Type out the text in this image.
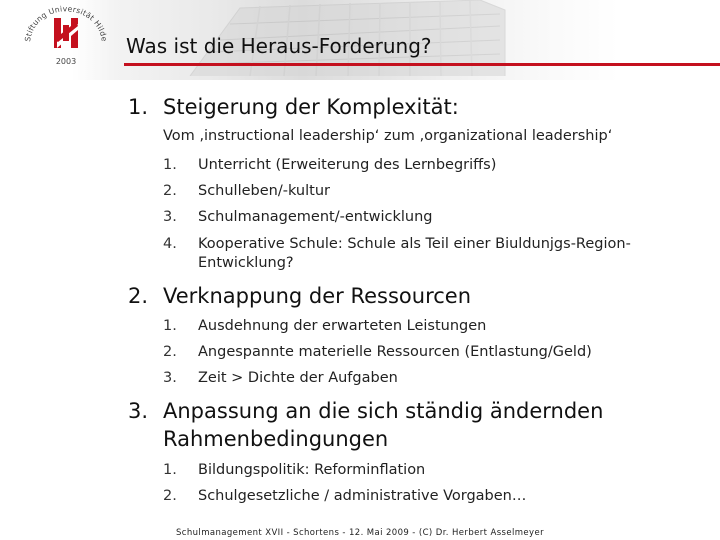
Stiftung Universität Hilde
2003
Was ist die Heraus-Forderung?
1. Steigerung der Komplexität:
Vom ‚instructional leadership‘ zum ‚organizational leadership‘
1.	Unterricht (Erweiterung des Lernbegriffs)
2.	Schulleben/-kultur
3.	Schulmanagement/-entwicklung
4.	Kooperative Schule: Schule als Teil einer Biuldunjgs-Region-
Entwicklung?
2. Verknappung der Ressourcen
1.	Ausdehnung der erwarteten Leistungen
2.	Angespannte materielle Ressourcen (Entlastung/Geld)
3.	Zeit > Dichte der Aufgaben
3. Anpassung an die sich ständig ändernden
Rahmenbedingungen
1.	Bildungspolitik: Reforminflation
2.	Schulgesetzliche / administrative Vorgaben…
Schulmanagement XVII - Schortens - 12. Mai 2009 - (C) Dr. Herbert Asselmeyer
